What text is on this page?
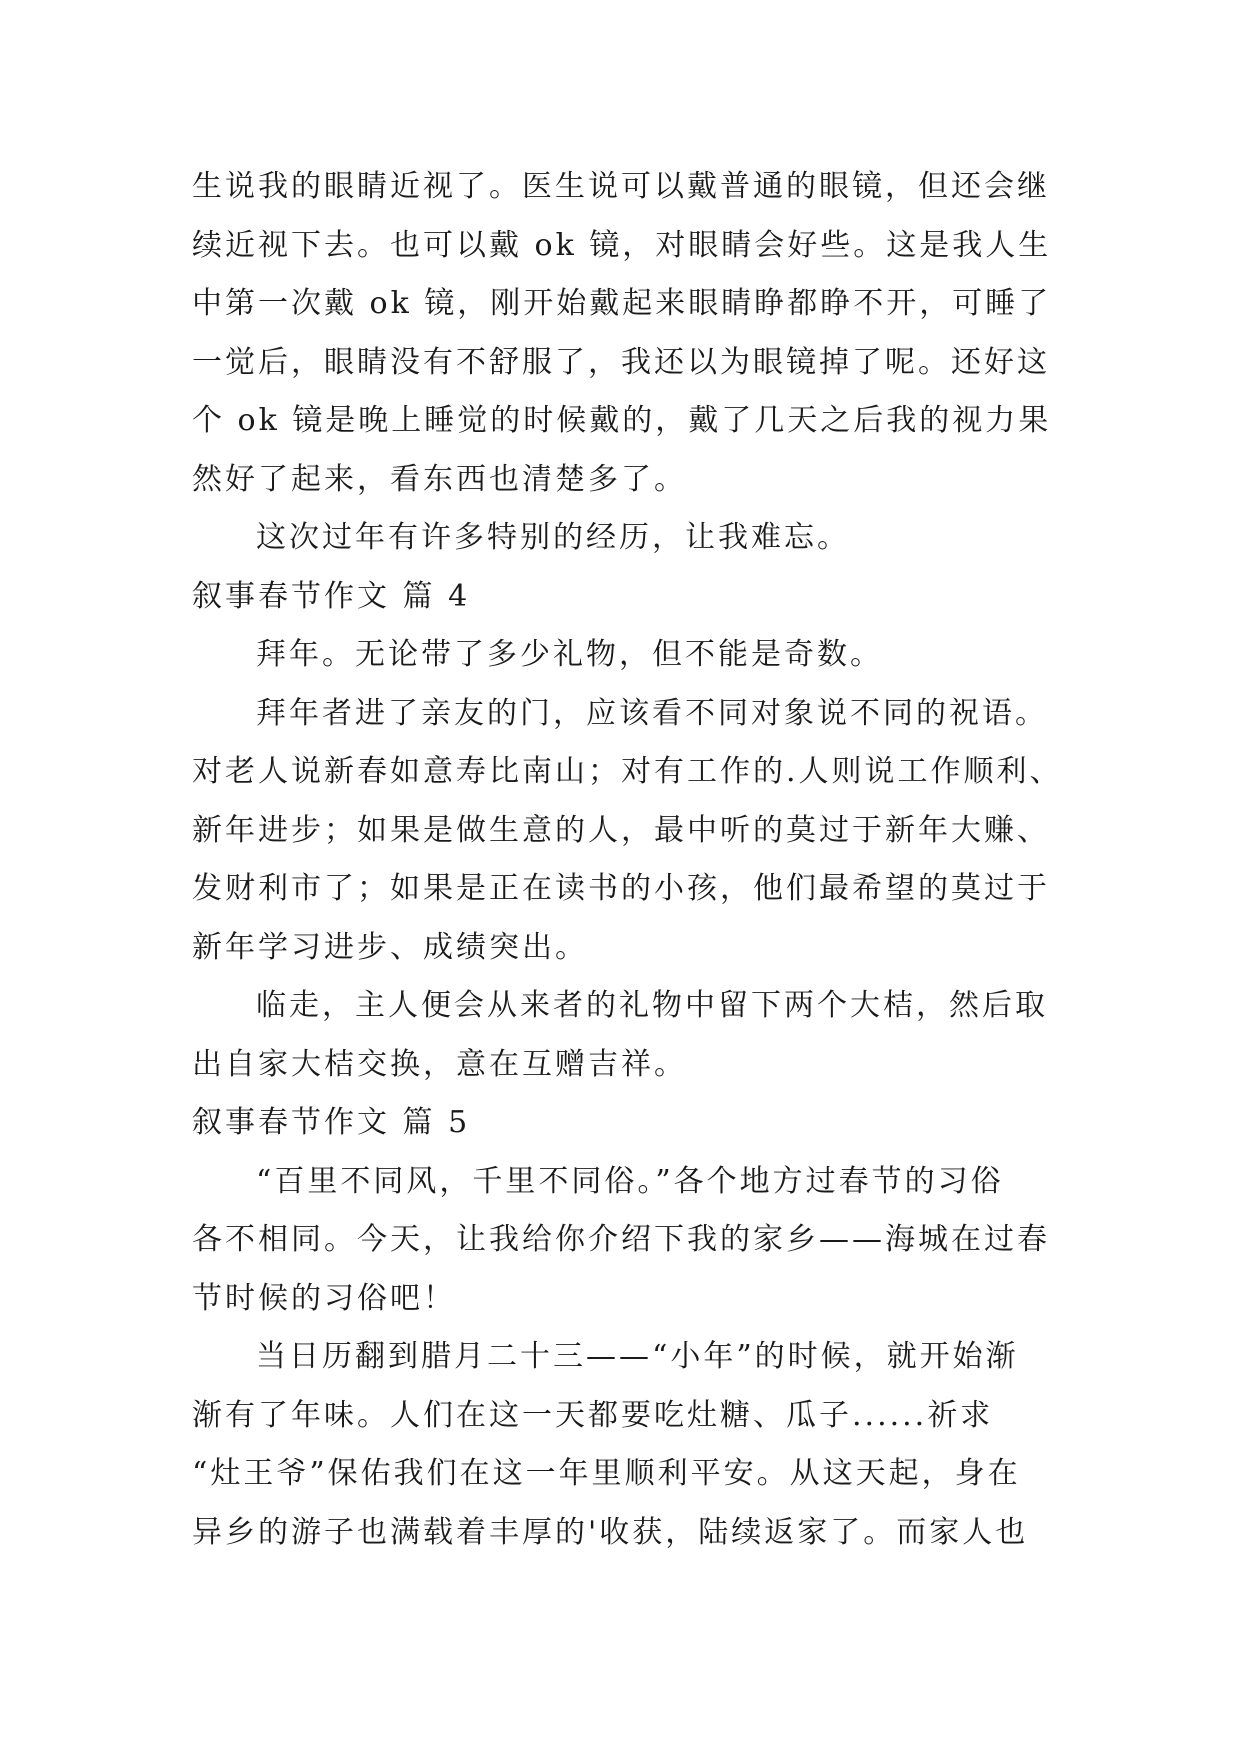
生说我的眼睛近视了。医生说可以戴普通的眼镜，但还会继
续近视下去。也可以戴 ok 镜，对眼睛会好些。这是我人生
中第一次戴 ok 镜，刚开始戴起来眼睛睁都睁不开，可睡了
一觉后，眼睛没有不舒服了，我还以为眼镜掉了呢。还好这
个 ok 镜是晚上睡觉的时候戴的，戴了几天之后我的视力果
然好了起来，看东西也清楚多了。
这次过年有许多特别的经历，让我难忘。
叙事春节作文 篇 4
拜年。无论带了多少礼物，但不能是奇数。
拜年者进了亲友的门，应该看不同对象说不同的祝语。
对老人说新春如意寿比南山；对有工作的.人则说工作顺利、
新年进步；如果是做生意的人，最中听的莫过于新年大赚、
发财利市了；如果是正在读书的小孩，他们最希望的莫过于
新年学习进步、成绩突出。
临走，主人便会从来者的礼物中留下两个大桔，然后取
出自家大桔交换，意在互赠吉祥。
叙事春节作文 篇 5
“百里不同风，千里不同俗。”各个地方过春节的习俗
各不相同。今天，让我给你介绍下我的家乡——海城在过春
节时候的习俗吧！
当日历翻到腊月二十三——“小年”的时候，就开始渐
渐有了年味。人们在这一天都要吃灶糖、瓜子......祈求
“灶王爷”保佑我们在这一年里顺利平安。从这天起，身在
异乡的游子也满载着丰厚的'收获，陆续返家了。而家人也
